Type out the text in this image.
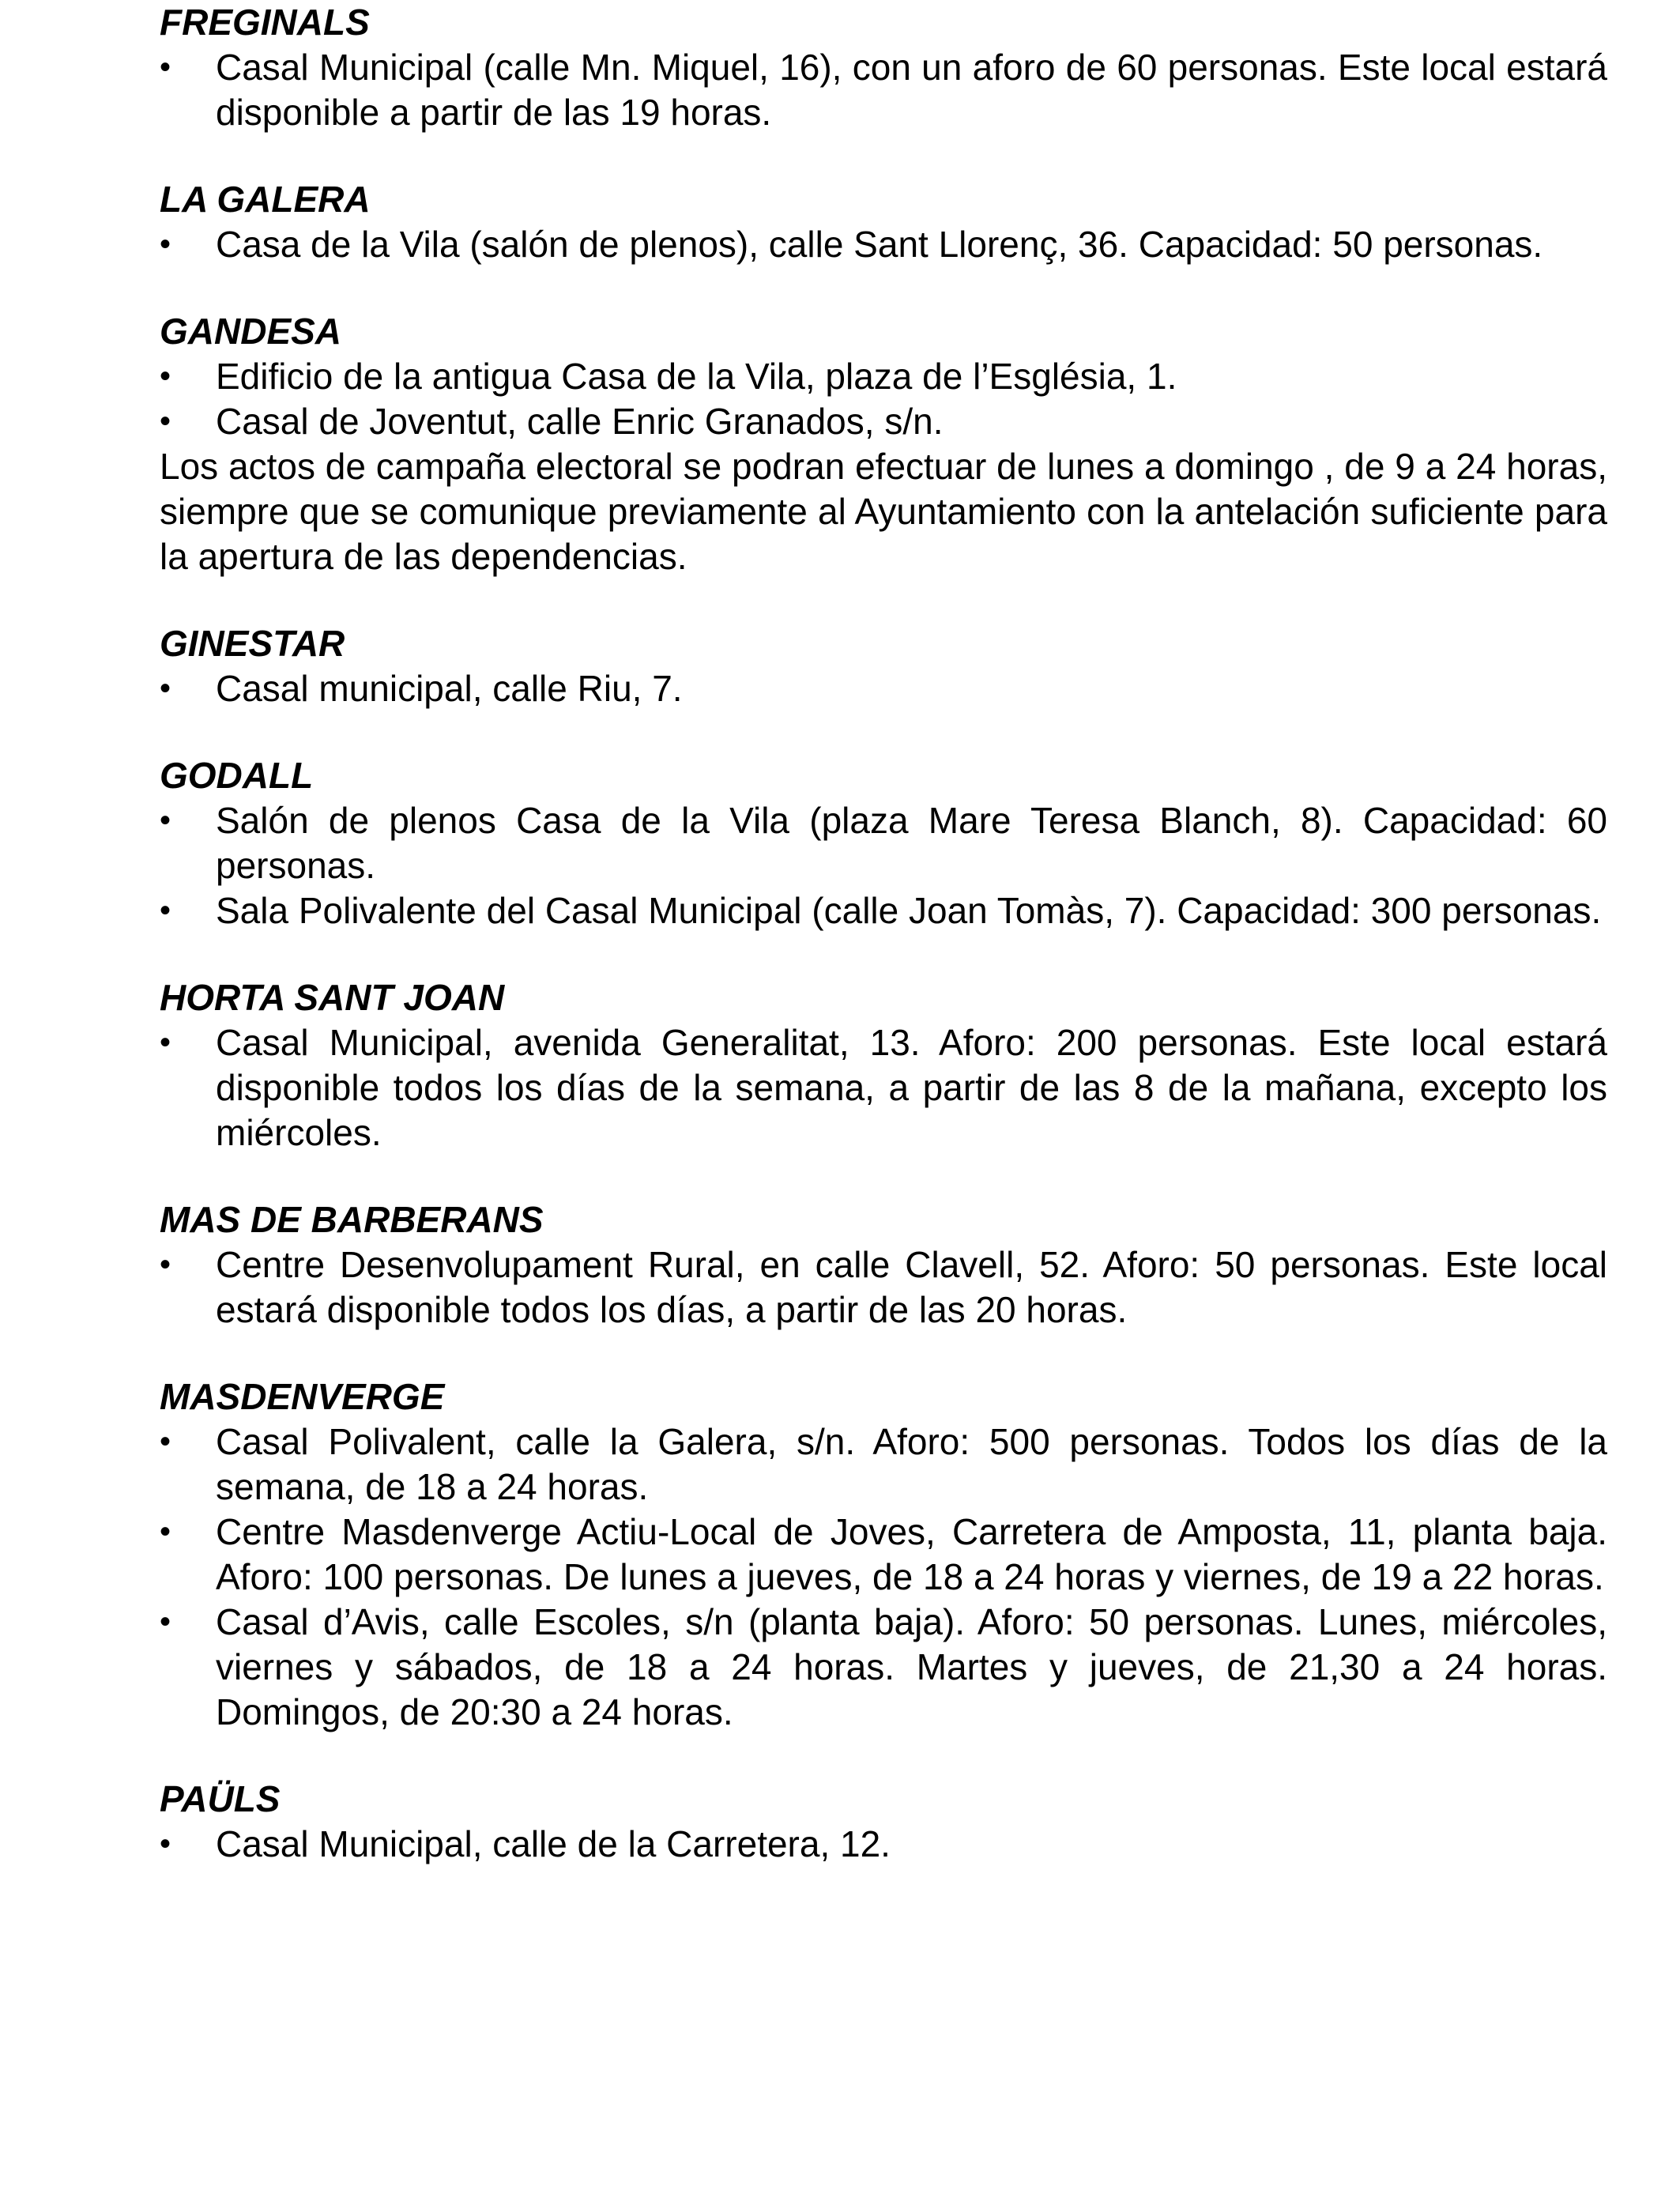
FREGINALS

•	Casal Municipal (calle Mn. Miquel, 16), con un aforo de 60 personas. Este local estará disponible a partir de las 19 horas.

LA GALERA

•	Casa de la Vila (salón de plenos), calle Sant Llorenç, 36. Capacidad: 50 personas.

GANDESA

•	Edificio de la antigua Casa de la Vila, plaza de l’Església, 1.
•	Casal de Joventut, calle Enric Granados, s/n.

Los actos de campaña electoral se podran efectuar de lunes a domingo , de 9 a 24 horas, siempre que se comunique previamente al Ayuntamiento con la antelación suficiente para la apertura de las dependencias.

GINESTAR

•	Casal municipal, calle Riu, 7.

GODALL

•	Salón de plenos Casa de la Vila (plaza Mare Teresa Blanch, 8). Capacidad: 60 personas.
•	Sala Polivalente del Casal Municipal (calle Joan Tomàs, 7). Capacidad: 300 personas.

HORTA SANT JOAN

•	Casal Municipal, avenida Generalitat, 13. Aforo: 200 personas. Este local estará disponible todos los días de la semana, a partir de las 8 de la mañana, excepto los miércoles.

MAS DE BARBERANS

•	Centre Desenvolupament Rural, en calle Clavell, 52. Aforo: 50 personas. Este local estará disponible todos los días, a partir de las 20 horas.

MASDENVERGE

•	Casal Polivalent, calle la Galera, s/n. Aforo: 500 personas. Todos los días de la semana, de 18 a 24 horas.
•	Centre Masdenverge Actiu-Local de Joves, Carretera de Amposta, 11, planta baja. Aforo: 100 personas. De lunes a jueves, de 18 a 24 horas y viernes, de 19 a 22 horas.
•	Casal d’Avis, calle Escoles, s/n (planta baja). Aforo: 50 personas. Lunes, miércoles, viernes y sábados, de 18 a 24 horas. Martes y jueves, de 21,30 a 24 horas. Domingos, de 20:30 a 24 horas.

PAÜLS

•	Casal Municipal, calle de la Carretera, 12.
